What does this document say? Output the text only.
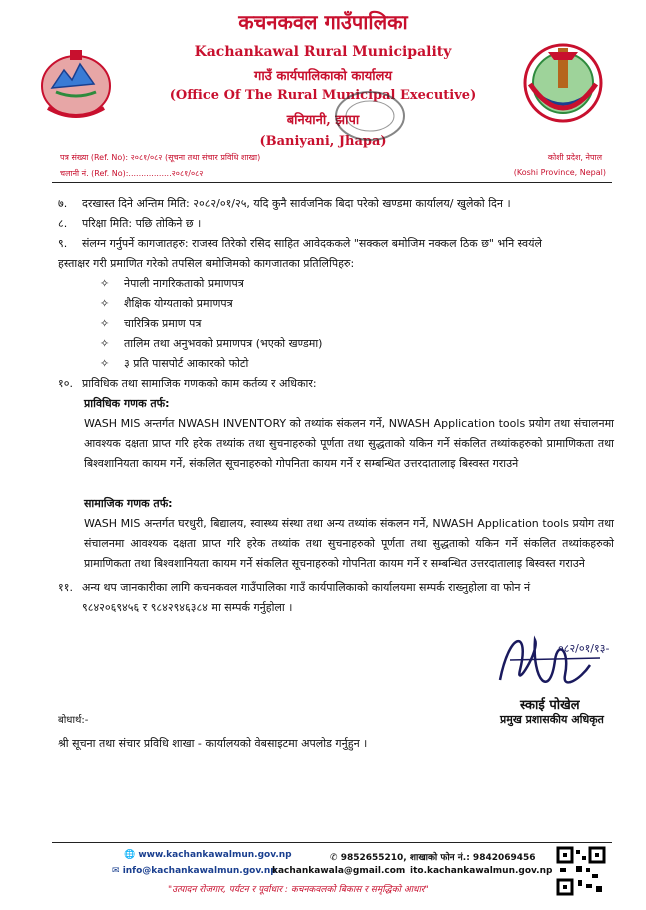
कचनकवल गाउँपालिका
Kachankawal Rural Municipality
गाउँ कार्यपालिकाको कार्यालय
(Office Of The Rural Municipal Executive)
बनियानी, झापा
(Baniyani, Jhapa)
पत्र संख्या (Ref. No): २०८१/०८२ (सूचना तथा संचार प्रविधि शाखा)
चलानी नं. (Ref. No):.................२०८१/०८२
कोशी प्रदेश, नेपाल
(Koshi Province, Nepal)
७. दरखास्त दिने अन्तिम मिति: २०८२/०१/२५, यदि कुनै सार्वजनिक बिदा परेको खण्डमा कार्यालय/ खुलेको दिन ।
८. परिक्षा मिति: पछि तोकिने छ ।
९. संलग्न गर्नुपर्ने कागजातहरु: राजस्व तिरेको रसिद साहित आवेदककले "सक्कल बमोजिम नक्कल ठिक छ" भनि स्वयंले
हस्ताक्षर गरी प्रमाणित गरेको तपसिल बमोजिमको कागजातका प्रतिलिपिहरु:
✧ नेपाली नागरिकताको प्रमाणपत्र
✧ शैक्षिक योग्यताको प्रमाणपत्र
✧ चारित्रिक प्रमाण पत्र
✧ तालिम तथा अनुभवको प्रमाणपत्र (भएको खण्डमा)
✧ ३ प्रति पासपोर्ट आकारको फोटो
१०. प्राविधिक तथा सामाजिक गणकको काम कर्तव्य र अधिकार:
प्राविधिक गणक तर्फ:
WASH MIS अन्तर्गत NWASH INVENTORY को तथ्यांक संकलन गर्ने, NWASH Application tools प्रयोग तथा संचालनमा आवश्यक दक्षता प्राप्त गरि हरेक तथ्यांक तथा सुचनाहरुको पूर्णता तथा सुद्धताको यकिन गर्ने संकलित तथ्यांकहरुको प्रामाणिकता तथा बिश्वशानियता कायम गर्ने, संकलित सूचनाहरुको गोपनिता कायम गर्ने र सम्बन्धित उत्तरदातालाइ बिस्वस्त गराउने
सामाजिक गणक तर्फ:
WASH MIS अन्तर्गत घरधुरी, बिद्यालय, स्वास्थ्य संस्था तथा अन्य तथ्यांक संकलन गर्ने, NWASH Application tools प्रयोग तथा संचालनमा आवश्यक दक्षता प्राप्त गरि हरेक तथ्यांक तथा सुचनाहरुको पूर्णता तथा सुद्धताको यकिन गर्ने संकलित तथ्यांकहरुको प्रामाणिकता तथा बिश्वशानियता कायम गर्ने संकलित सूचनाहरुको गोपनिता कायम गर्ने र सम्बन्धित उत्तरदातालाइ बिस्वस्त गराउने
११. अन्य थप जानकारीका लागि कचनकवल गाउँपालिका गाउँ कार्यपालिकाको कार्यालयमा सम्पर्क राख्नुहोला वा फोन नं
९८४२०६९४५६ र ९८४२९४६३८४ मा सम्पर्क गर्नुहोला ।
०८२/०१/१३-
स्काई पोखेल
प्रमुख प्रशासकीय अधिकृत
बोधार्थ:-
श्री सूचना तथा संचार प्रविधि शाखा - कार्यालयको वेबसाइटमा अपलोड गर्नुहुन ।
🌐 www.kachankawalmun.gov.np	✆ 9852655210, शाखाको फोन नं.: 9842069456
✉ info@kachankawalmun.gov.np
kachankawala@gmail.com ito.kachankawalmun.gov.np
"उत्पादन रोजगार, पर्यटन र पूर्वाधार : कचनकवलको बिकास र समृद्धिको आधार"
